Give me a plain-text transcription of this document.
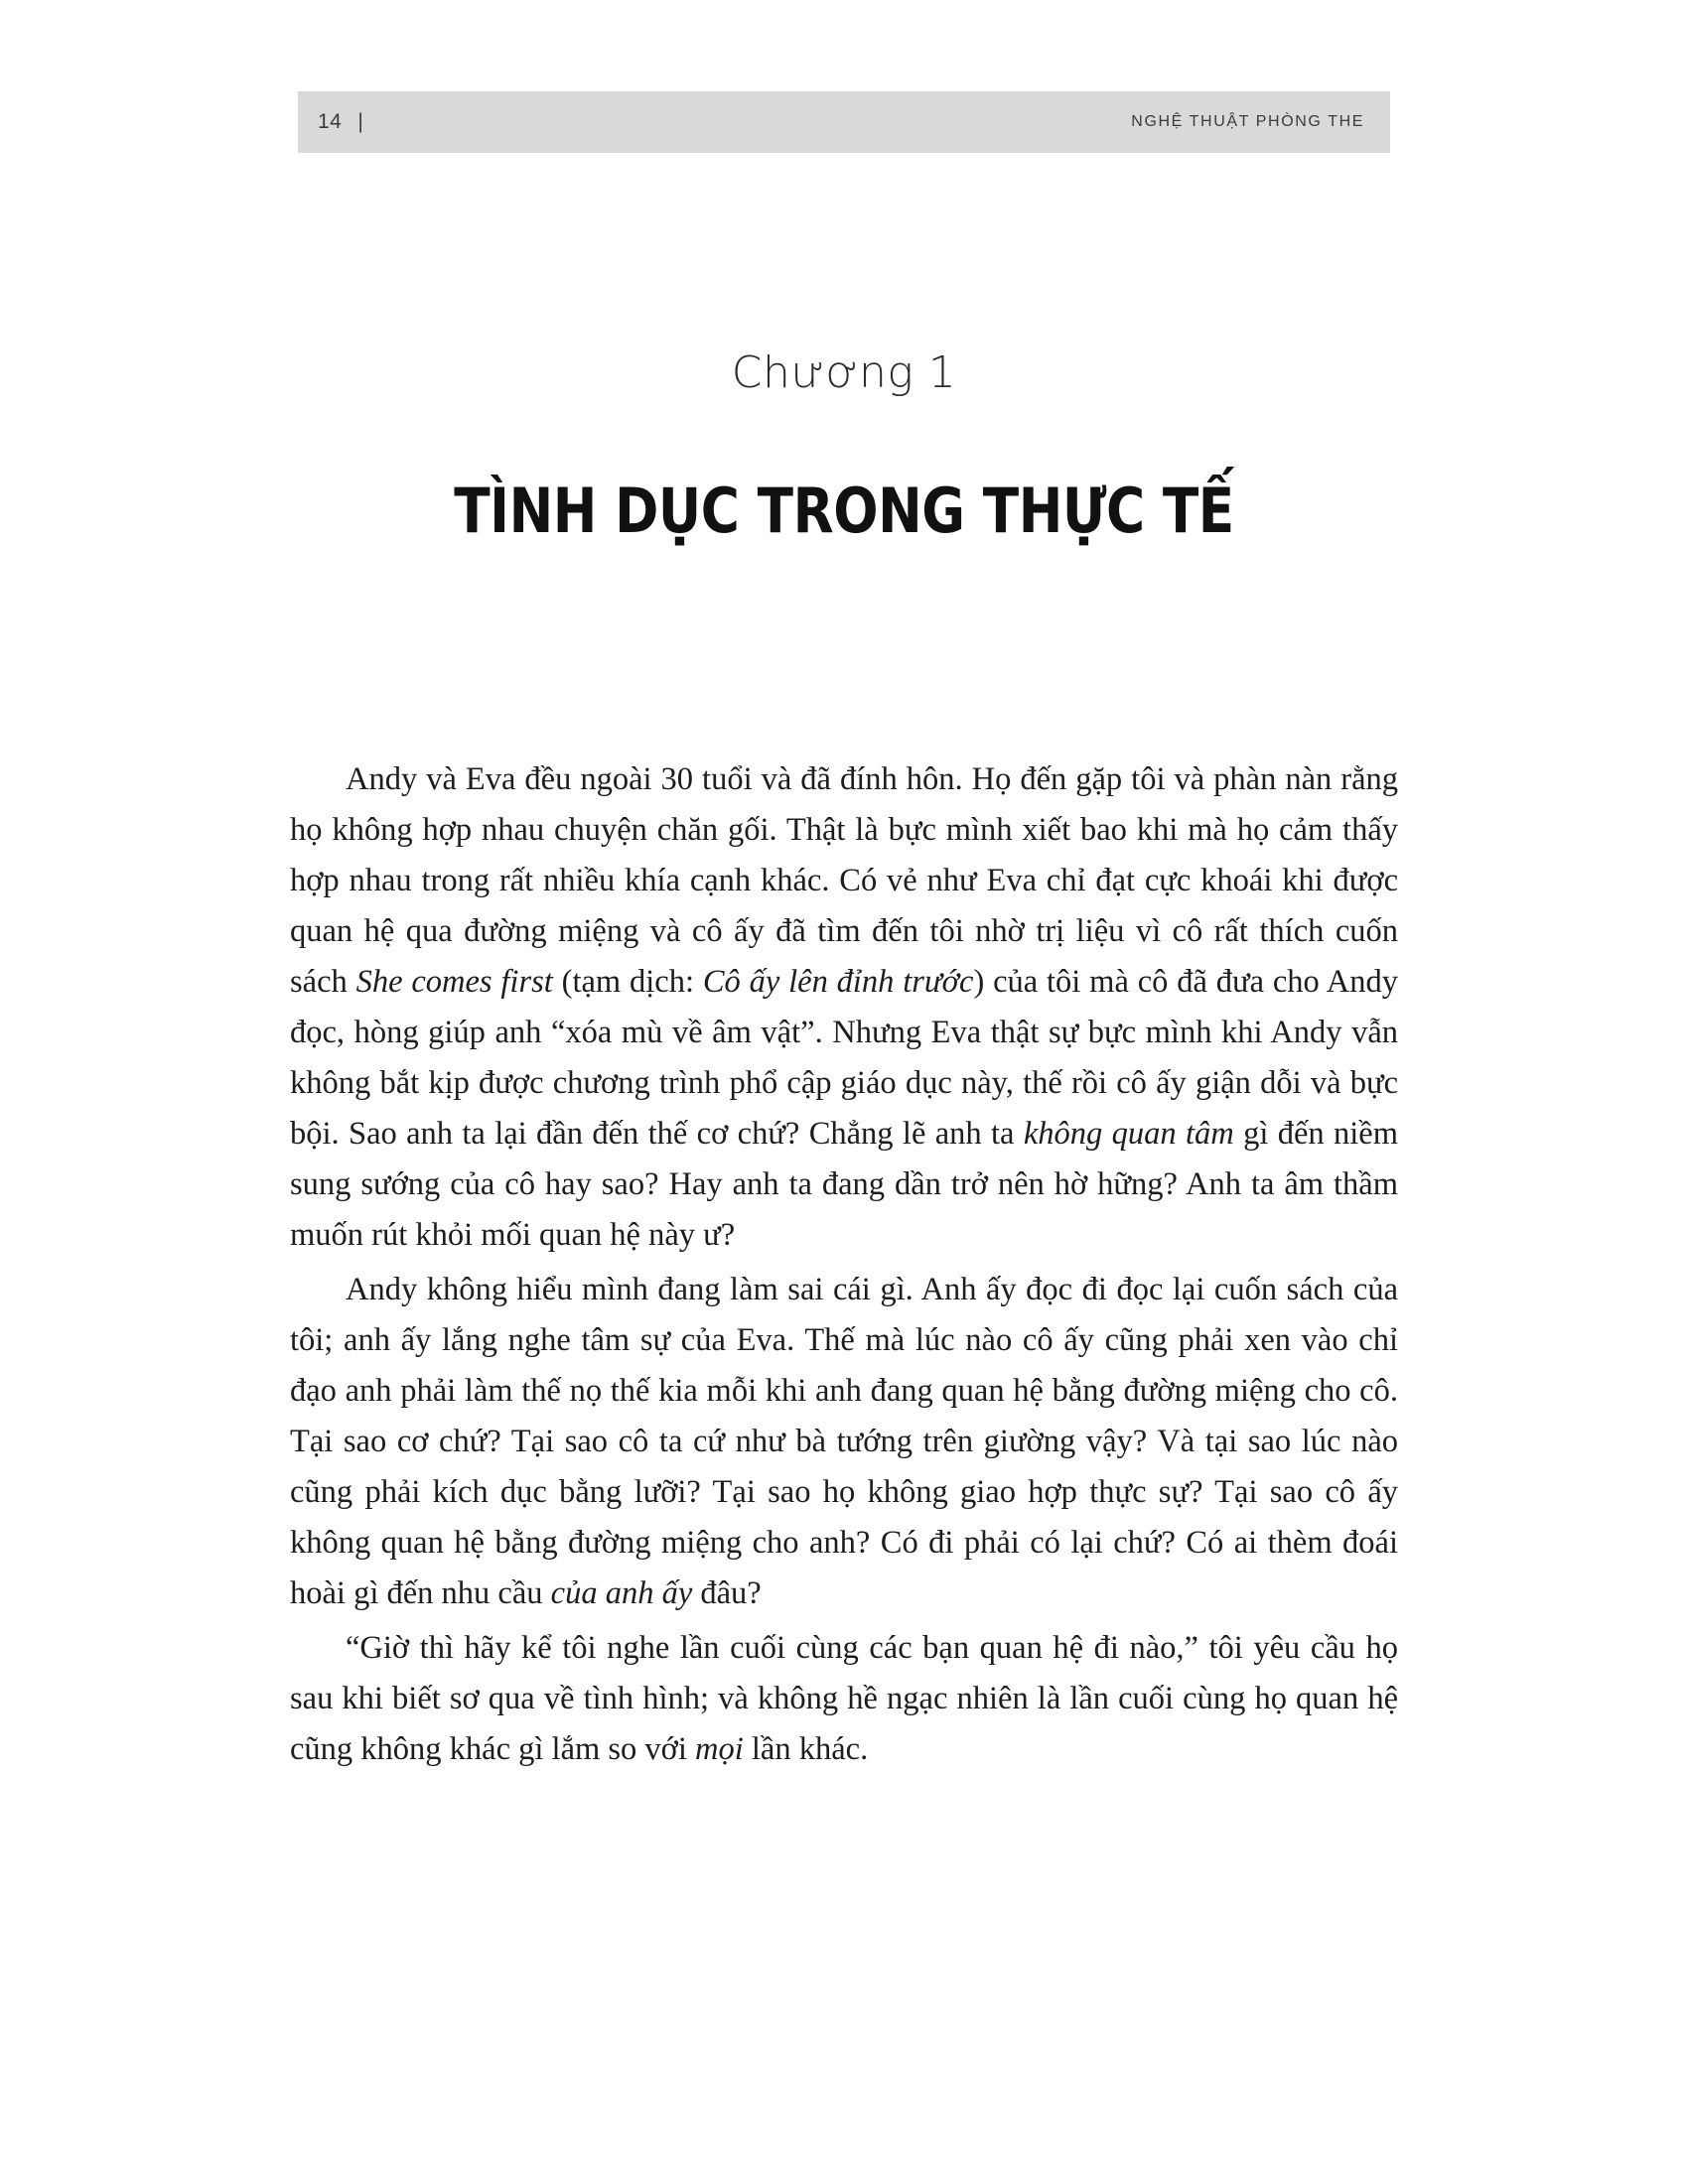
14 |	NGHỆ THUẬT PHÒNG THE
Chương 1
TÌNH DỤC TRONG THỰC TẾ

Andy và Eva đều ngoài 30 tuổi và đã đính hôn. Họ đến gặp tôi và phàn nàn rằng họ không hợp nhau chuyện chăn gối. Thật là bực mình xiết bao khi mà họ cảm thấy hợp nhau trong rất nhiều khía cạnh khác. Có vẻ như Eva chỉ đạt cực khoái khi được quan hệ qua đường miệng và cô ấy đã tìm đến tôi nhờ trị liệu vì cô rất thích cuốn sách She comes first (tạm dịch: Cô ấy lên đỉnh trước) của tôi mà cô đã đưa cho Andy đọc, hòng giúp anh “xóa mù về âm vật”. Nhưng Eva thật sự bực mình khi Andy vẫn không bắt kịp được chương trình phổ cập giáo dục này, thế rồi cô ấy giận dỗi và bực bội. Sao anh ta lại đần đến thế cơ chứ? Chẳng lẽ anh ta không quan tâm gì đến niềm sung sướng của cô hay sao? Hay anh ta đang dần trở nên hờ hững? Anh ta âm thầm muốn rút khỏi mối quan hệ này ư?

Andy không hiểu mình đang làm sai cái gì. Anh ấy đọc đi đọc lại cuốn sách của tôi; anh ấy lắng nghe tâm sự của Eva. Thế mà lúc nào cô ấy cũng phải xen vào chỉ đạo anh phải làm thế nọ thế kia mỗi khi anh đang quan hệ bằng đường miệng cho cô. Tại sao cơ chứ? Tại sao cô ta cứ như bà tướng trên giường vậy? Và tại sao lúc nào cũng phải kích dục bằng lưỡi? Tại sao họ không giao hợp thực sự? Tại sao cô ấy không quan hệ bằng đường miệng cho anh? Có đi phải có lại chứ? Có ai thèm đoái hoài gì đến nhu cầu của anh ấy đâu?

“Giờ thì hãy kể tôi nghe lần cuối cùng các bạn quan hệ đi nào,” tôi yêu cầu họ sau khi biết sơ qua về tình hình; và không hề ngạc nhiên là lần cuối cùng họ quan hệ cũng không khác gì lắm so với mọi lần khác.
